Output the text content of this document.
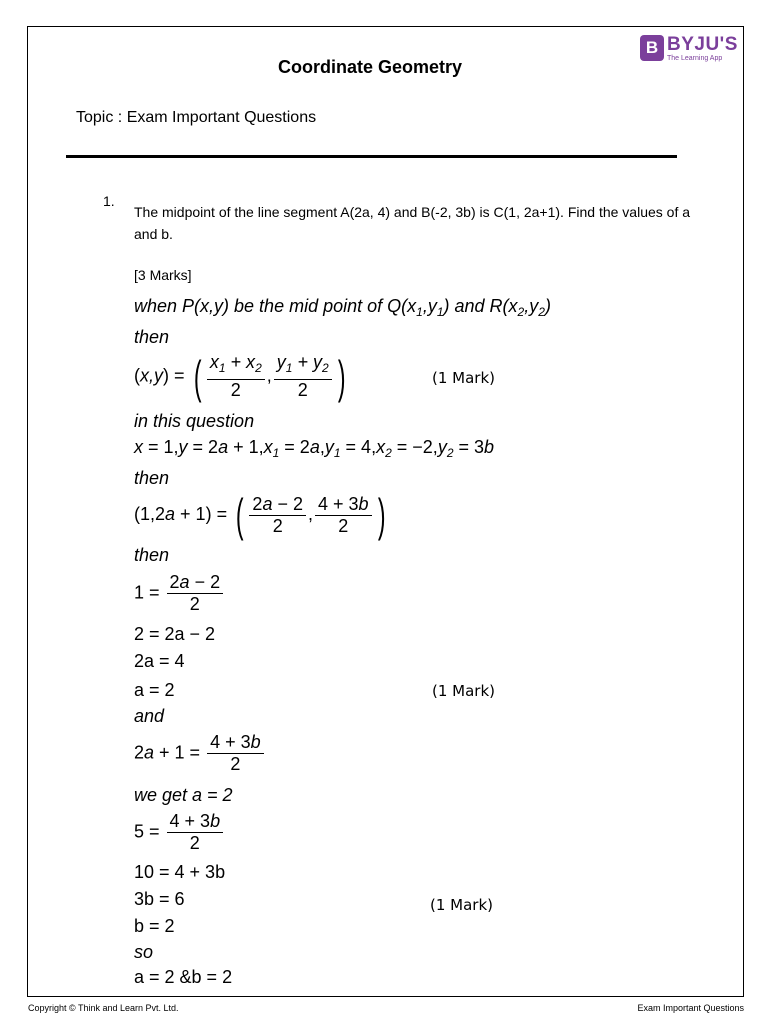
B BYJU'S
The Learning App
Coordinate Geometry
Topic : Exam Important Questions
1.
The midpoint of the line segment A(2a, 4) and B(-2, 3b) is C(1, 2a+1). Find the values of a and b.
[3 Marks]
when P(x,y) be the mid point of $Q(x_1,y_1)$ and $R(x_2,y_2)$
then
(x,y) = ( $\frac{x_1 + x_2}{2}$ , $\frac{y_1 + y_2}{2}$ )	(1 Mark)
in this question
$x = 1,y = 2a + 1,x_1 = 2a,y_1 = 4,x_2 = -2,y_2 = 3b$
then
(1,2a + 1) = ( $\frac{2a - 2}{2}$ , $\frac{4 + 3b}{2}$ )
then
$1 = \frac{2a - 2}{2}$
2 = 2a − 2
2a = 4
a = 2	(1 Mark)
and
$2a + 1 = \frac{4 + 3b}{2}$
we get a = 2
$5 = \frac{4 + 3b}{2}$
10 = 4 + 3b
3b = 6	(1 Mark)
b = 2
so
a = 2 &b = 2
Copyright © Think and Learn Pvt. Ltd.	Exam Important Questions
